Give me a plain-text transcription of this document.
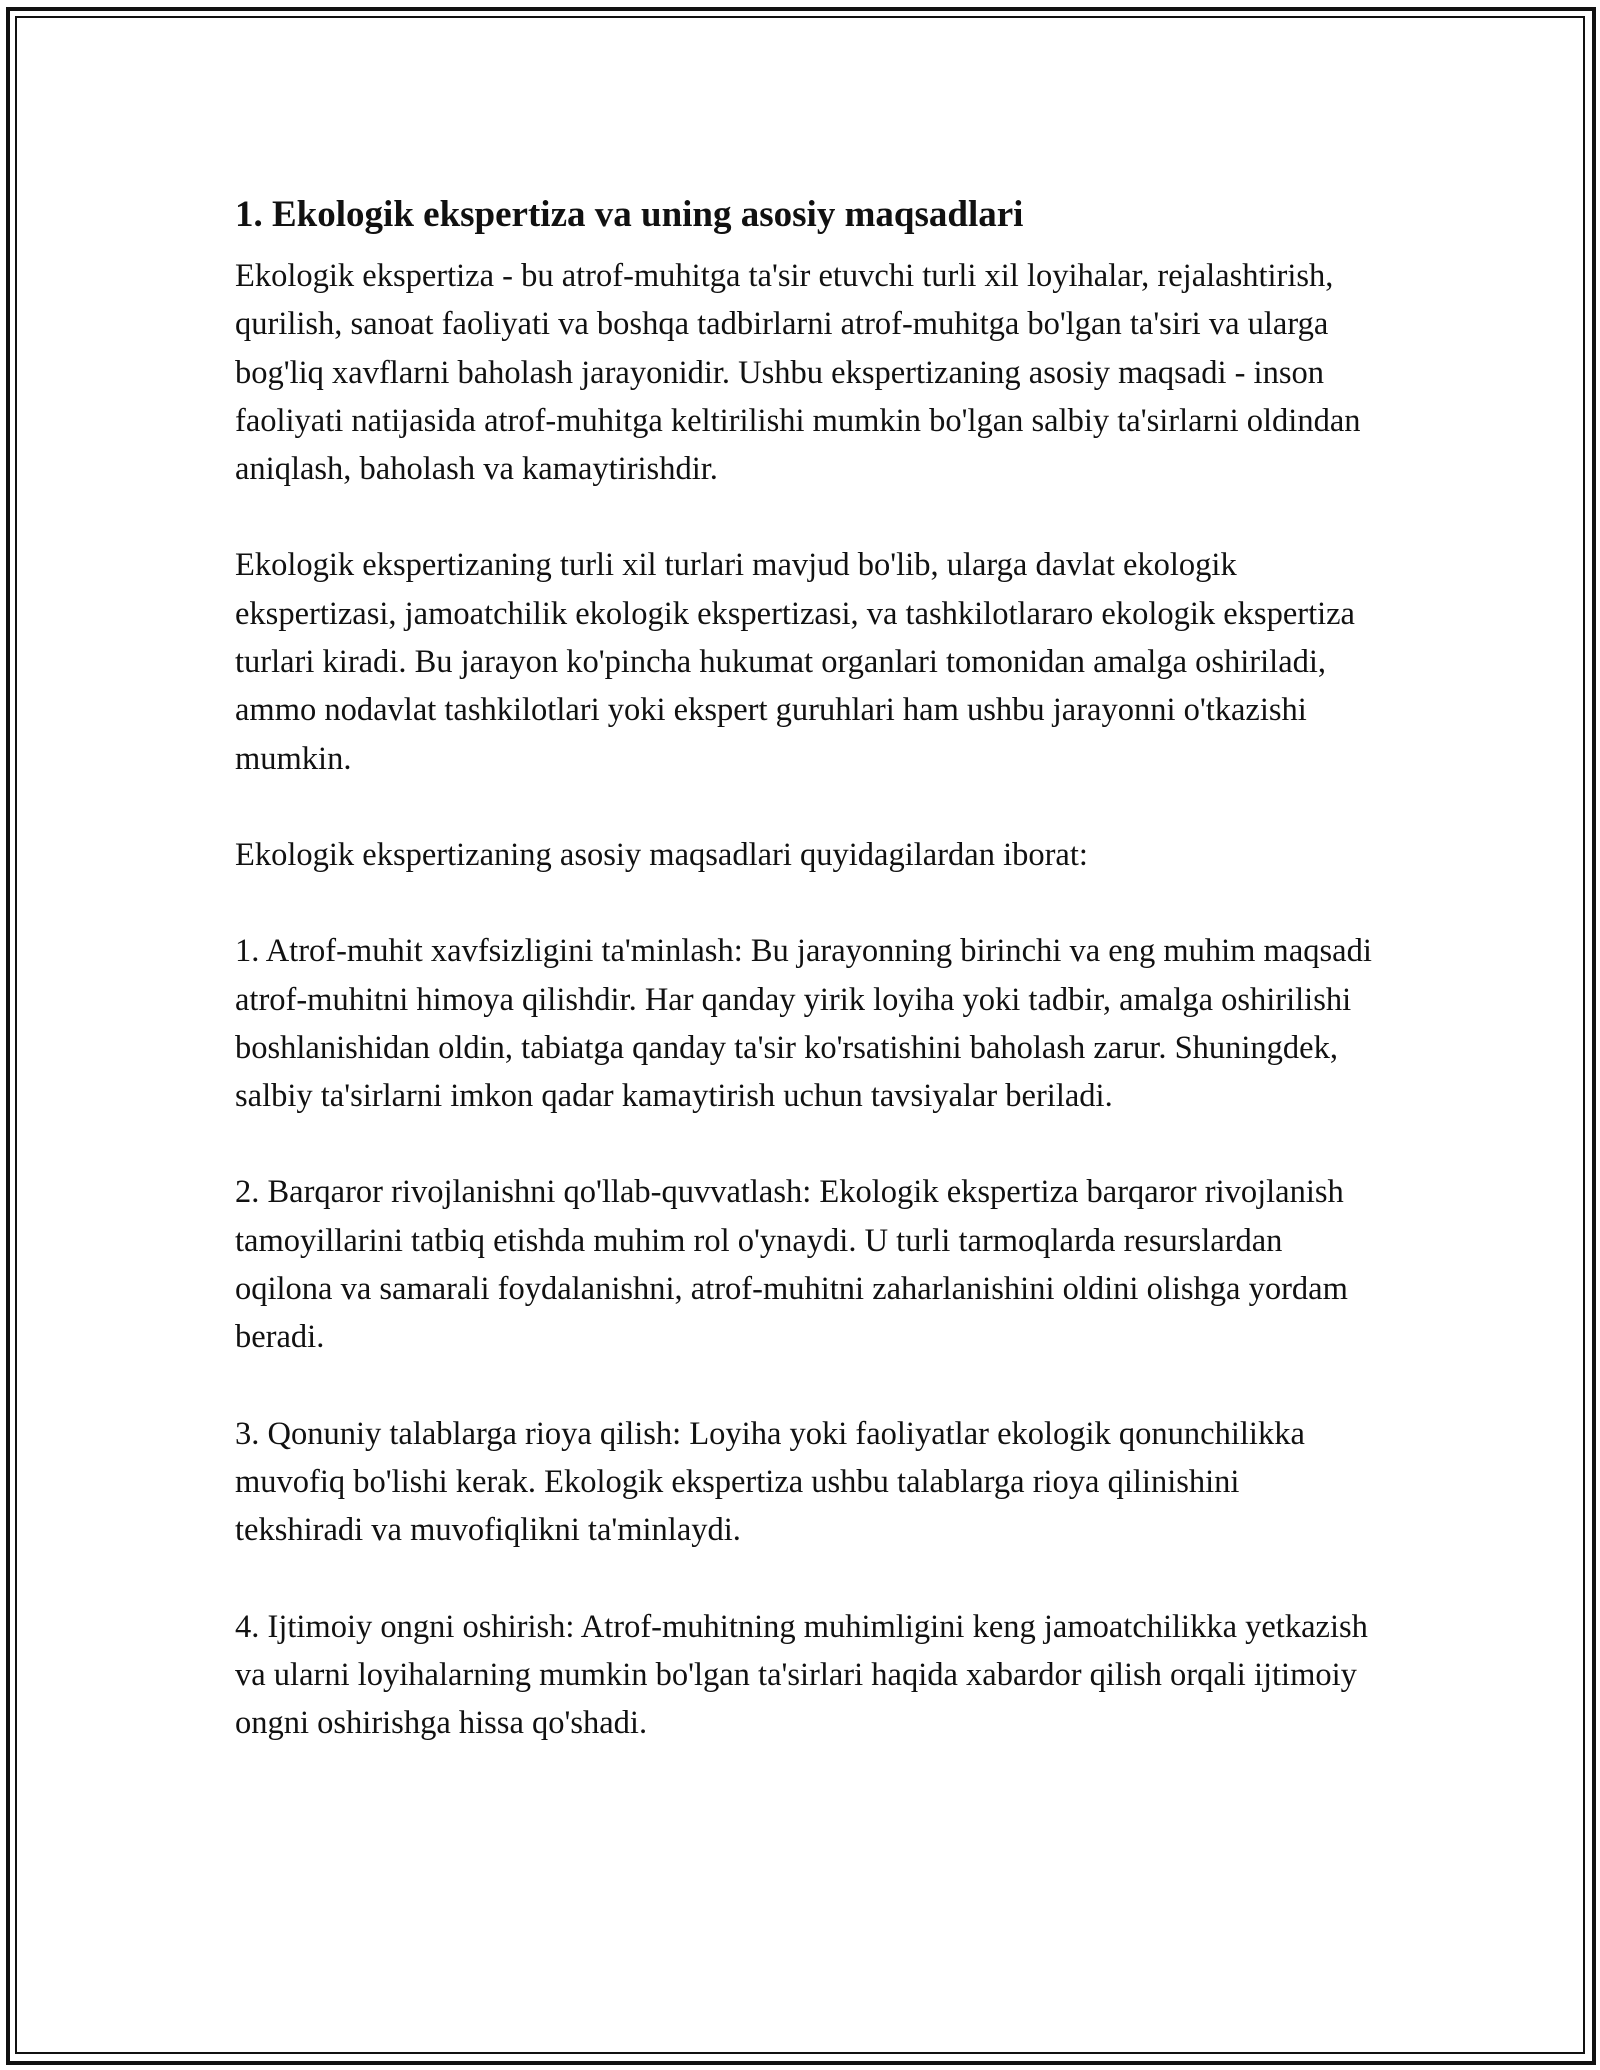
1. Ekologik ekspertiza va uning asosiy maqsadlari

Ekologik ekspertiza - bu atrof-muhitga ta'sir etuvchi turli xil loyihalar, rejalashtirish, qurilish, sanoat faoliyati va boshqa tadbirlarni atrof-muhitga bo'lgan ta'siri va ularga bog'liq xavflarni baholash jarayonidir. Ushbu ekspertizaning asosiy maqsadi - inson faoliyati natijasida atrof-muhitga keltirilishi mumkin bo'lgan salbiy ta'sirlarni oldindan aniqlash, baholash va kamaytirishdir.

Ekologik ekspertizaning turli xil turlari mavjud bo'lib, ularga davlat ekologik ekspertizasi, jamoatchilik ekologik ekspertizasi, va tashkilotlararo ekologik ekspertiza turlari kiradi. Bu jarayon ko'pincha hukumat organlari tomonidan amalga oshiriladi, ammo nodavlat tashkilotlari yoki ekspert guruhlari ham ushbu jarayonni o'tkazishi mumkin.

Ekologik ekspertizaning asosiy maqsadlari quyidagilardan iborat:

1. Atrof-muhit xavfsizligini ta'minlash: Bu jarayonning birinchi va eng muhim maqsadi atrof-muhitni himoya qilishdir. Har qanday yirik loyiha yoki tadbir, amalga oshirilishi boshlanishidan oldin, tabiatga qanday ta'sir ko'rsatishini baholash zarur. Shuningdek, salbiy ta'sirlarni imkon qadar kamaytirish uchun tavsiyalar beriladi.

2. Barqaror rivojlanishni qo'llab-quvvatlash: Ekologik ekspertiza barqaror rivojlanish tamoyillarini tatbiq etishda muhim rol o'ynaydi. U turli tarmoqlarda resurslardan oqilona va samarali foydalanishni, atrof-muhitni zaharlanishini oldini olishga yordam beradi.

3. Qonuniy talablarga rioya qilish: Loyiha yoki faoliyatlar ekologik qonunchilikka muvofiq bo'lishi kerak. Ekologik ekspertiza ushbu talablarga rioya qilinishini tekshiradi va muvofiqlikni ta'minlaydi.

4. Ijtimoiy ongni oshirish: Atrof-muhitning muhimligini keng jamoatchilikka yetkazish va ularni loyihalarning mumkin bo'lgan ta'sirlari haqida xabardor qilish orqali ijtimoiy ongni oshirishga hissa qo'shadi.
